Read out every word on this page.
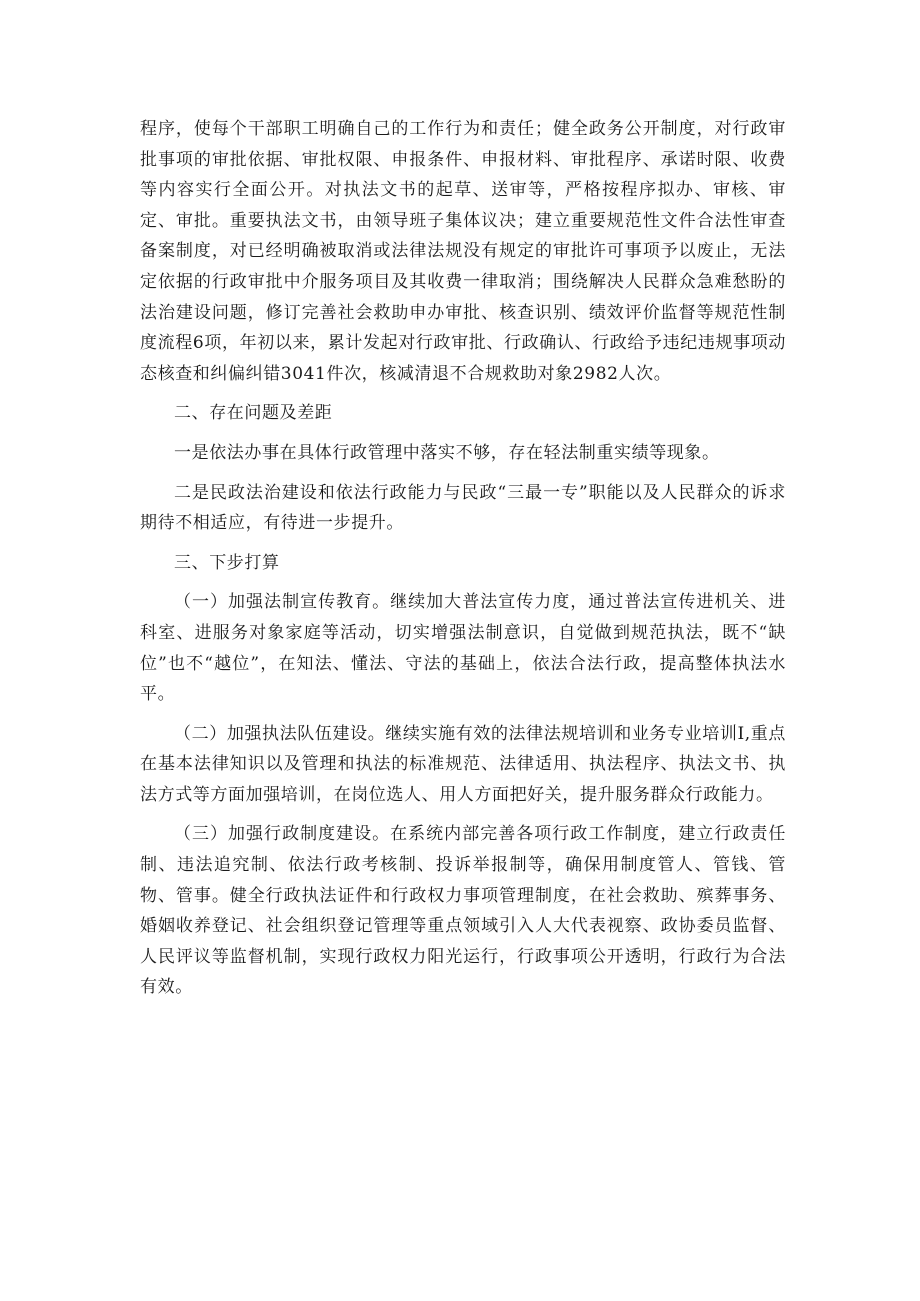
程序，使每个干部职工明确自己的工作行为和责任；健全政务公开制度，对行政审批事项的审批依据、审批权限、申报条件、申报材料、审批程序、承诺时限、收费等内容实行全面公开。对执法文书的起草、送审等，严格按程序拟办、审核、审定、审批。重要执法文书，由领导班子集体议决；建立重要规范性文件合法性审查备案制度，对已经明确被取消或法律法规没有规定的审批许可事项予以废止，无法定依据的行政审批中介服务项目及其收费一律取消；围绕解决人民群众急难愁盼的法治建设问题，修订完善社会救助申办审批、核查识别、绩效评价监督等规范性制度流程6项，年初以来，累计发起对行政审批、行政确认、行政给予违纪违规事项动态核查和纠偏纠错3041件次，核减清退不合规救助对象2982人次。

二、存在问题及差距

一是依法办事在具体行政管理中落实不够，存在轻法制重实绩等现象。

二是民政法治建设和依法行政能力与民政“三最一专”职能以及人民群众的诉求期待不相适应，有待进一步提升。

三、下步打算

（一）加强法制宣传教育。继续加大普法宣传力度，通过普法宣传进机关、进科室、进服务对象家庭等活动，切实增强法制意识，自觉做到规范执法，既不“缺位”也不“越位”，在知法、懂法、守法的基础上，依法合法行政，提高整体执法水平。

（二）加强执法队伍建设。继续实施有效的法律法规培训和业务专业培训I,重点在基本法律知识以及管理和执法的标准规范、法律适用、执法程序、执法文书、执法方式等方面加强培训，在岗位选人、用人方面把好关，提升服务群众行政能力。

（三）加强行政制度建设。在系统内部完善各项行政工作制度，建立行政责任制、违法追究制、依法行政考核制、投诉举报制等，确保用制度管人、管钱、管物、管事。健全行政执法证件和行政权力事项管理制度，在社会救助、殡葬事务、婚姻收养登记、社会组织登记管理等重点领域引入人大代表视察、政协委员监督、人民评议等监督机制，实现行政权力阳光运行，行政事项公开透明，行政行为合法有效。
